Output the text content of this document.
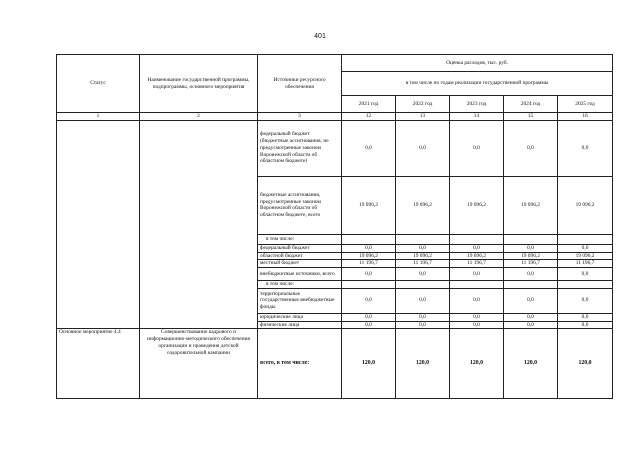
401
Статус	Наименование государственной программы, подпрограммы, основного мероприятия	Источники ресурсного обеспечения	Оценка расходов, тыс. руб.				
			в том числе по годам реализации государственной программы				
			2021 год	2022 год	2023 год	2024 год	2025 год
1	2	3	12	13	14	15	16
		федеральный бюджет (бюджетные ассигнования, не предусмотренные законом Воронежской области об областном бюджете)	0,0	0,0	0,0	0,0	0,0
		бюджетные ассигнования, предусмотренные законом Воронежской области об областном бюджете, всего	19 096,2	19 096,2	19 096,2	19 096,2	19 096,2
		в том числе:					
		федеральный бюджет	0,0	0,0	0,0	0,0	0,0
		областной бюджет	19 096,2	19 096,2	19 096,2	19 096,2	19 096,2
		местный бюджет	11 196,7	11 196,7	11 196,7	11 196,7	11 196,7
		внебюджетные источники, всего	0,0	0,0	0,0	0,0	0,0
		в том числе:					
		территориальные государственные внебюджетные фонды	0,0	0,0	0,0	0,0	0,0
		юридические лица	0,0	0,0	0,0	0,0	0,0
		физические лица	0,0	0,0	0,0	0,0	0,0
Основное мероприятие 4.4	Совершенствование кадрового и информационно-методического обеспечения организации и проведения детской оздоровительной кампании	всего, в том числе:	120,0	120,0	120,0	120,0	120,0
